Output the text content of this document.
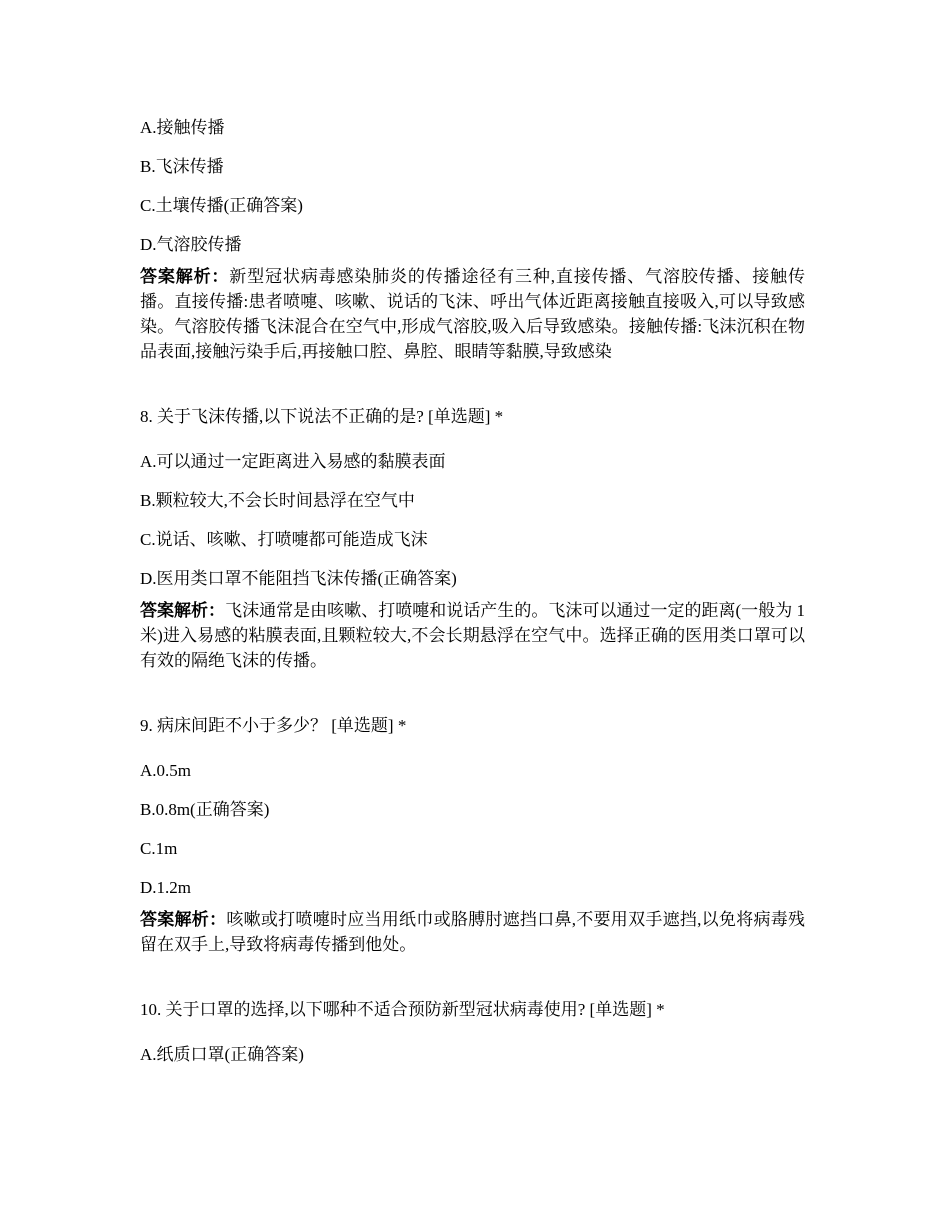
A.接触传播

B.飞沫传播

C.土壤传播(正确答案)

D.气溶胶传播

答案解析：新型冠状病毒感染肺炎的传播途径有三种,直接传播、气溶胶传播、接触传播。直接传播:患者喷嚏、咳嗽、说话的飞沫、呼出气体近距离接触直接吸入,可以导致感染。气溶胶传播飞沫混合在空气中,形成气溶胶,吸入后导致感染。接触传播:飞沫沉积在物品表面,接触污染手后,再接触口腔、鼻腔、眼睛等黏膜,导致感染

8. 关于飞沫传播,以下说法不正确的是? [单选题] *

A.可以通过一定距离进入易感的黏膜表面

B.颗粒较大,不会长时间悬浮在空气中

C.说话、咳嗽、打喷嚏都可能造成飞沫

D.医用类口罩不能阻挡飞沫传播(正确答案)

答案解析：飞沫通常是由咳嗽、打喷嚏和说话产生的。飞沫可以通过一定的距离(一般为 1 米)进入易感的粘膜表面,且颗粒较大,不会长期悬浮在空气中。选择正确的医用类口罩可以有效的隔绝飞沫的传播。

9. 病床间距不小于多少？ [单选题] *

A.0.5m

B.0.8m(正确答案)

C.1m

D.1.2m

答案解析：咳嗽或打喷嚏时应当用纸巾或胳膊肘遮挡口鼻,不要用双手遮挡,以免将病毒残留在双手上,导致将病毒传播到他处。

10. 关于口罩的选择,以下哪种不适合预防新型冠状病毒使用? [单选题] *

A.纸质口罩(正确答案)
